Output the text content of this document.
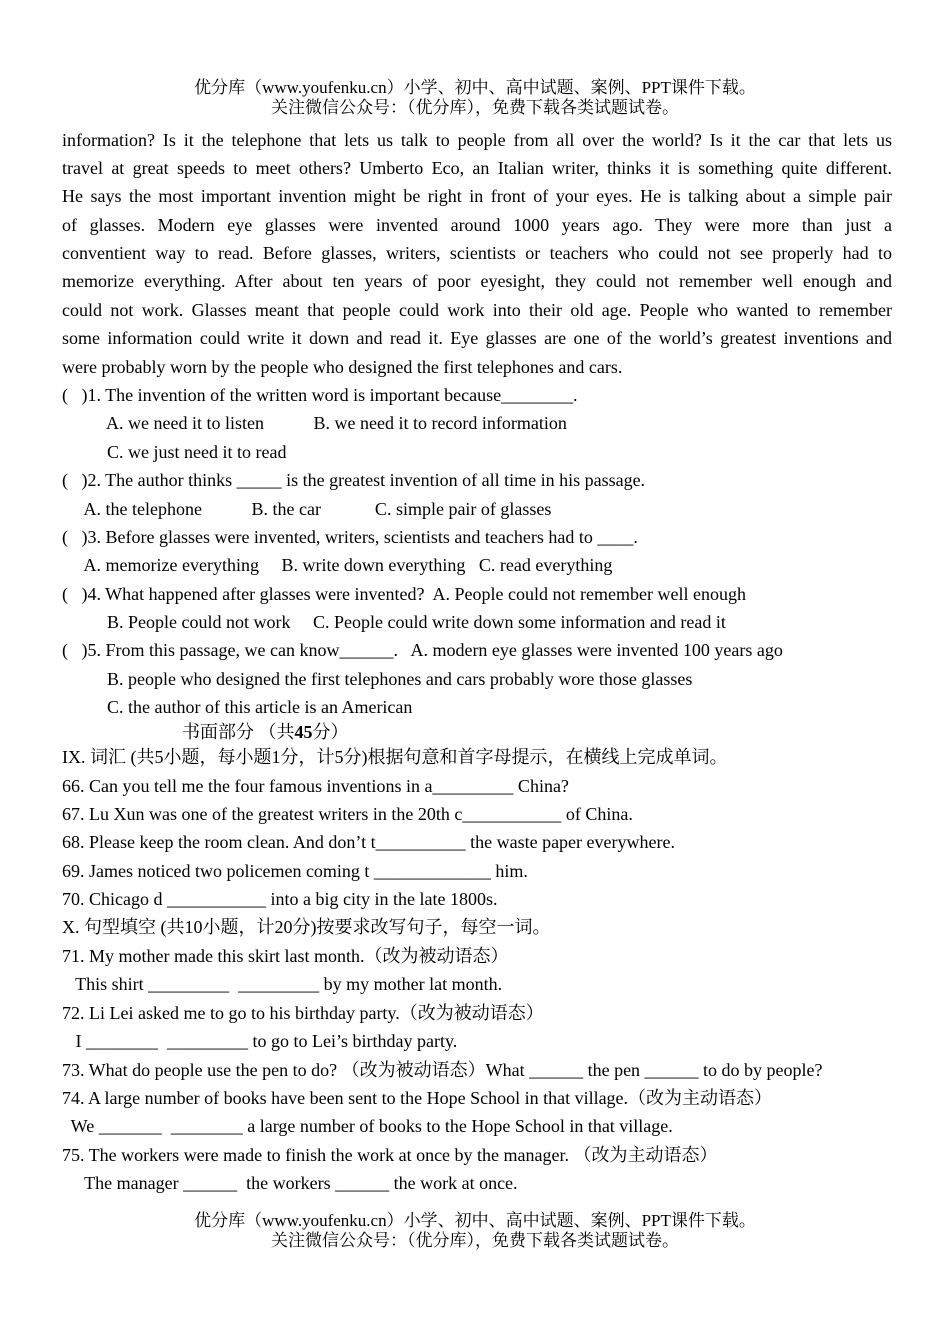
优分库（www.youfenku.cn）小学、初中、高中试题、案例、PPT课件下载。
关注微信公众号：（优分库），免费下载各类试题试卷。
information? Is it the telephone that lets us talk to people from all over the world? Is it the car that lets us
travel at great speeds to meet others? Umberto Eco, an Italian writer, thinks it is something quite different.
He says the most important invention might be right in front of your eyes. He is talking about a simple pair
of glasses. Modern eye glasses were invented around 1000 years ago. They were more than just a
conventient way to read. Before glasses, writers, scientists or teachers who could not see properly had to
memorize everything. After about ten years of poor eyesight, they could not remember well enough and
could not work. Glasses meant that people could work into their old age. People who wanted to remember
some information could write it down and read it. Eye glasses are one of the world’s greatest inventions and
were probably worn by the people who designed the first telephones and cars.
(   )1. The invention of the written word is important because________.
A. we need it to listen           B. we need it to record information
C. we just need it to read
(   )2. The author thinks _____ is the greatest invention of all time in his passage.
A. the telephone           B. the car            C. simple pair of glasses
(   )3. Before glasses were invented, writers, scientists and teachers had to ____.
A. memorize everything     B. write down everything   C. read everything
(   )4. What happened after glasses were invented?  A. People could not remember well enough
B. People could not work     C. People could write down some information and read it
(   )5. From this passage, we can know______.   A. modern eye glasses were invented 100 years ago
B. people who designed the first telephones and cars probably wore those glasses
C. the author of this article is an American
书面部分 （共45分）
IX. 词汇 (共5小题，每小题1分，计5分)根据句意和首字母提示，在横线上完成单词。
66. Can you tell me the four famous inventions in a_________ China?
67. Lu Xun was one of the greatest writers in the 20th c___________ of China.
68. Please keep the room clean. And don’t t__________ the waste paper everywhere.
69. James noticed two policemen coming t _____________ him.
70. Chicago d ___________ into a big city in the late 1800s.
X. 句型填空 (共10小题，计20分)按要求改写句子，每空一词。
71. My mother made this skirt last month.（改为被动语态）
This shirt _________  _________ by my mother lat month.
72. Li Lei asked me to go to his birthday party.（改为被动语态）
I ________  _________ to go to Lei’s birthday party.
73. What do people use the pen to do? （改为被动语态）What ______ the pen ______ to do by people?
74. A large number of books have been sent to the Hope School in that village.（改为主动语态）
We _______  ________ a large number of books to the Hope School in that village.
75. The workers were made to finish the work at once by the manager. （改为主动语态）
The manager ______  the workers ______ the work at once.
优分库（www.youfenku.cn）小学、初中、高中试题、案例、PPT课件下载。
关注微信公众号：（优分库），免费下载各类试题试卷。
